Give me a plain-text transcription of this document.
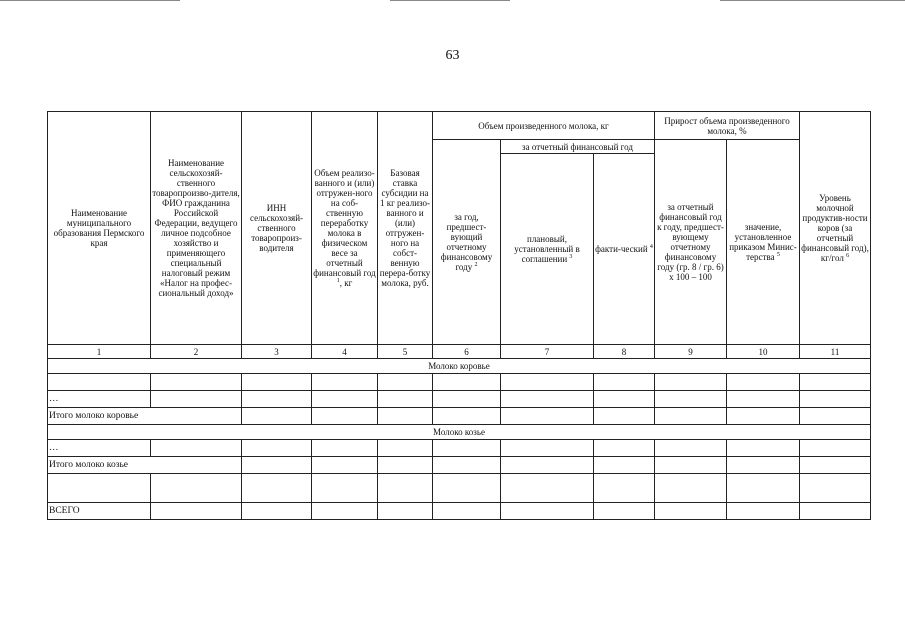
63
Наименование муниципального образования Пермского края	Наименование сельскохозяй-ственного товаропроизво-дителя, ФИО гражданина Российской Федерации, ведущего личное подсобное хозяйство и применяющего специальный налоговый режим «Налог на профес-сиональный доход»	ИНН сельскохозяй-ственного товаропроиз-водителя	Объем реализо-ванного и (или) отгружен-ного на соб-ственную переработку молока в физическом весе за отчетный финансовый год $^1$, кг	Базовая ставка субсидии на 1 кг реализо-ванного и (или) отгружен-ного на собст-венную перера-ботку молока, руб.	Объем произведенного молока, кг			Прирост объема произведенного молока, %		Уровень молочной продуктив-ности коров (за отчетный финансовый год), кг/гол $^6$
					за год, предшест-вующий отчетному финансовому году $^2$	за отчетный финансовый год		за отчетный финансовый год к году, предшест-вующему отчетному финансовому году (гр. 8 / гр. 6) х 100 – 100	значение, установленное приказом Минис-терства $^5$
						плановый, установленный в соглашении $^3$	факти-ческий $^4$
1	2	3	4	5	6	7	8	9	10	11
Молоко коровье										

…										
Итого молоко коровье										
Молоко козье										
…										
Итого молоко козье										

ВСЕГО										
